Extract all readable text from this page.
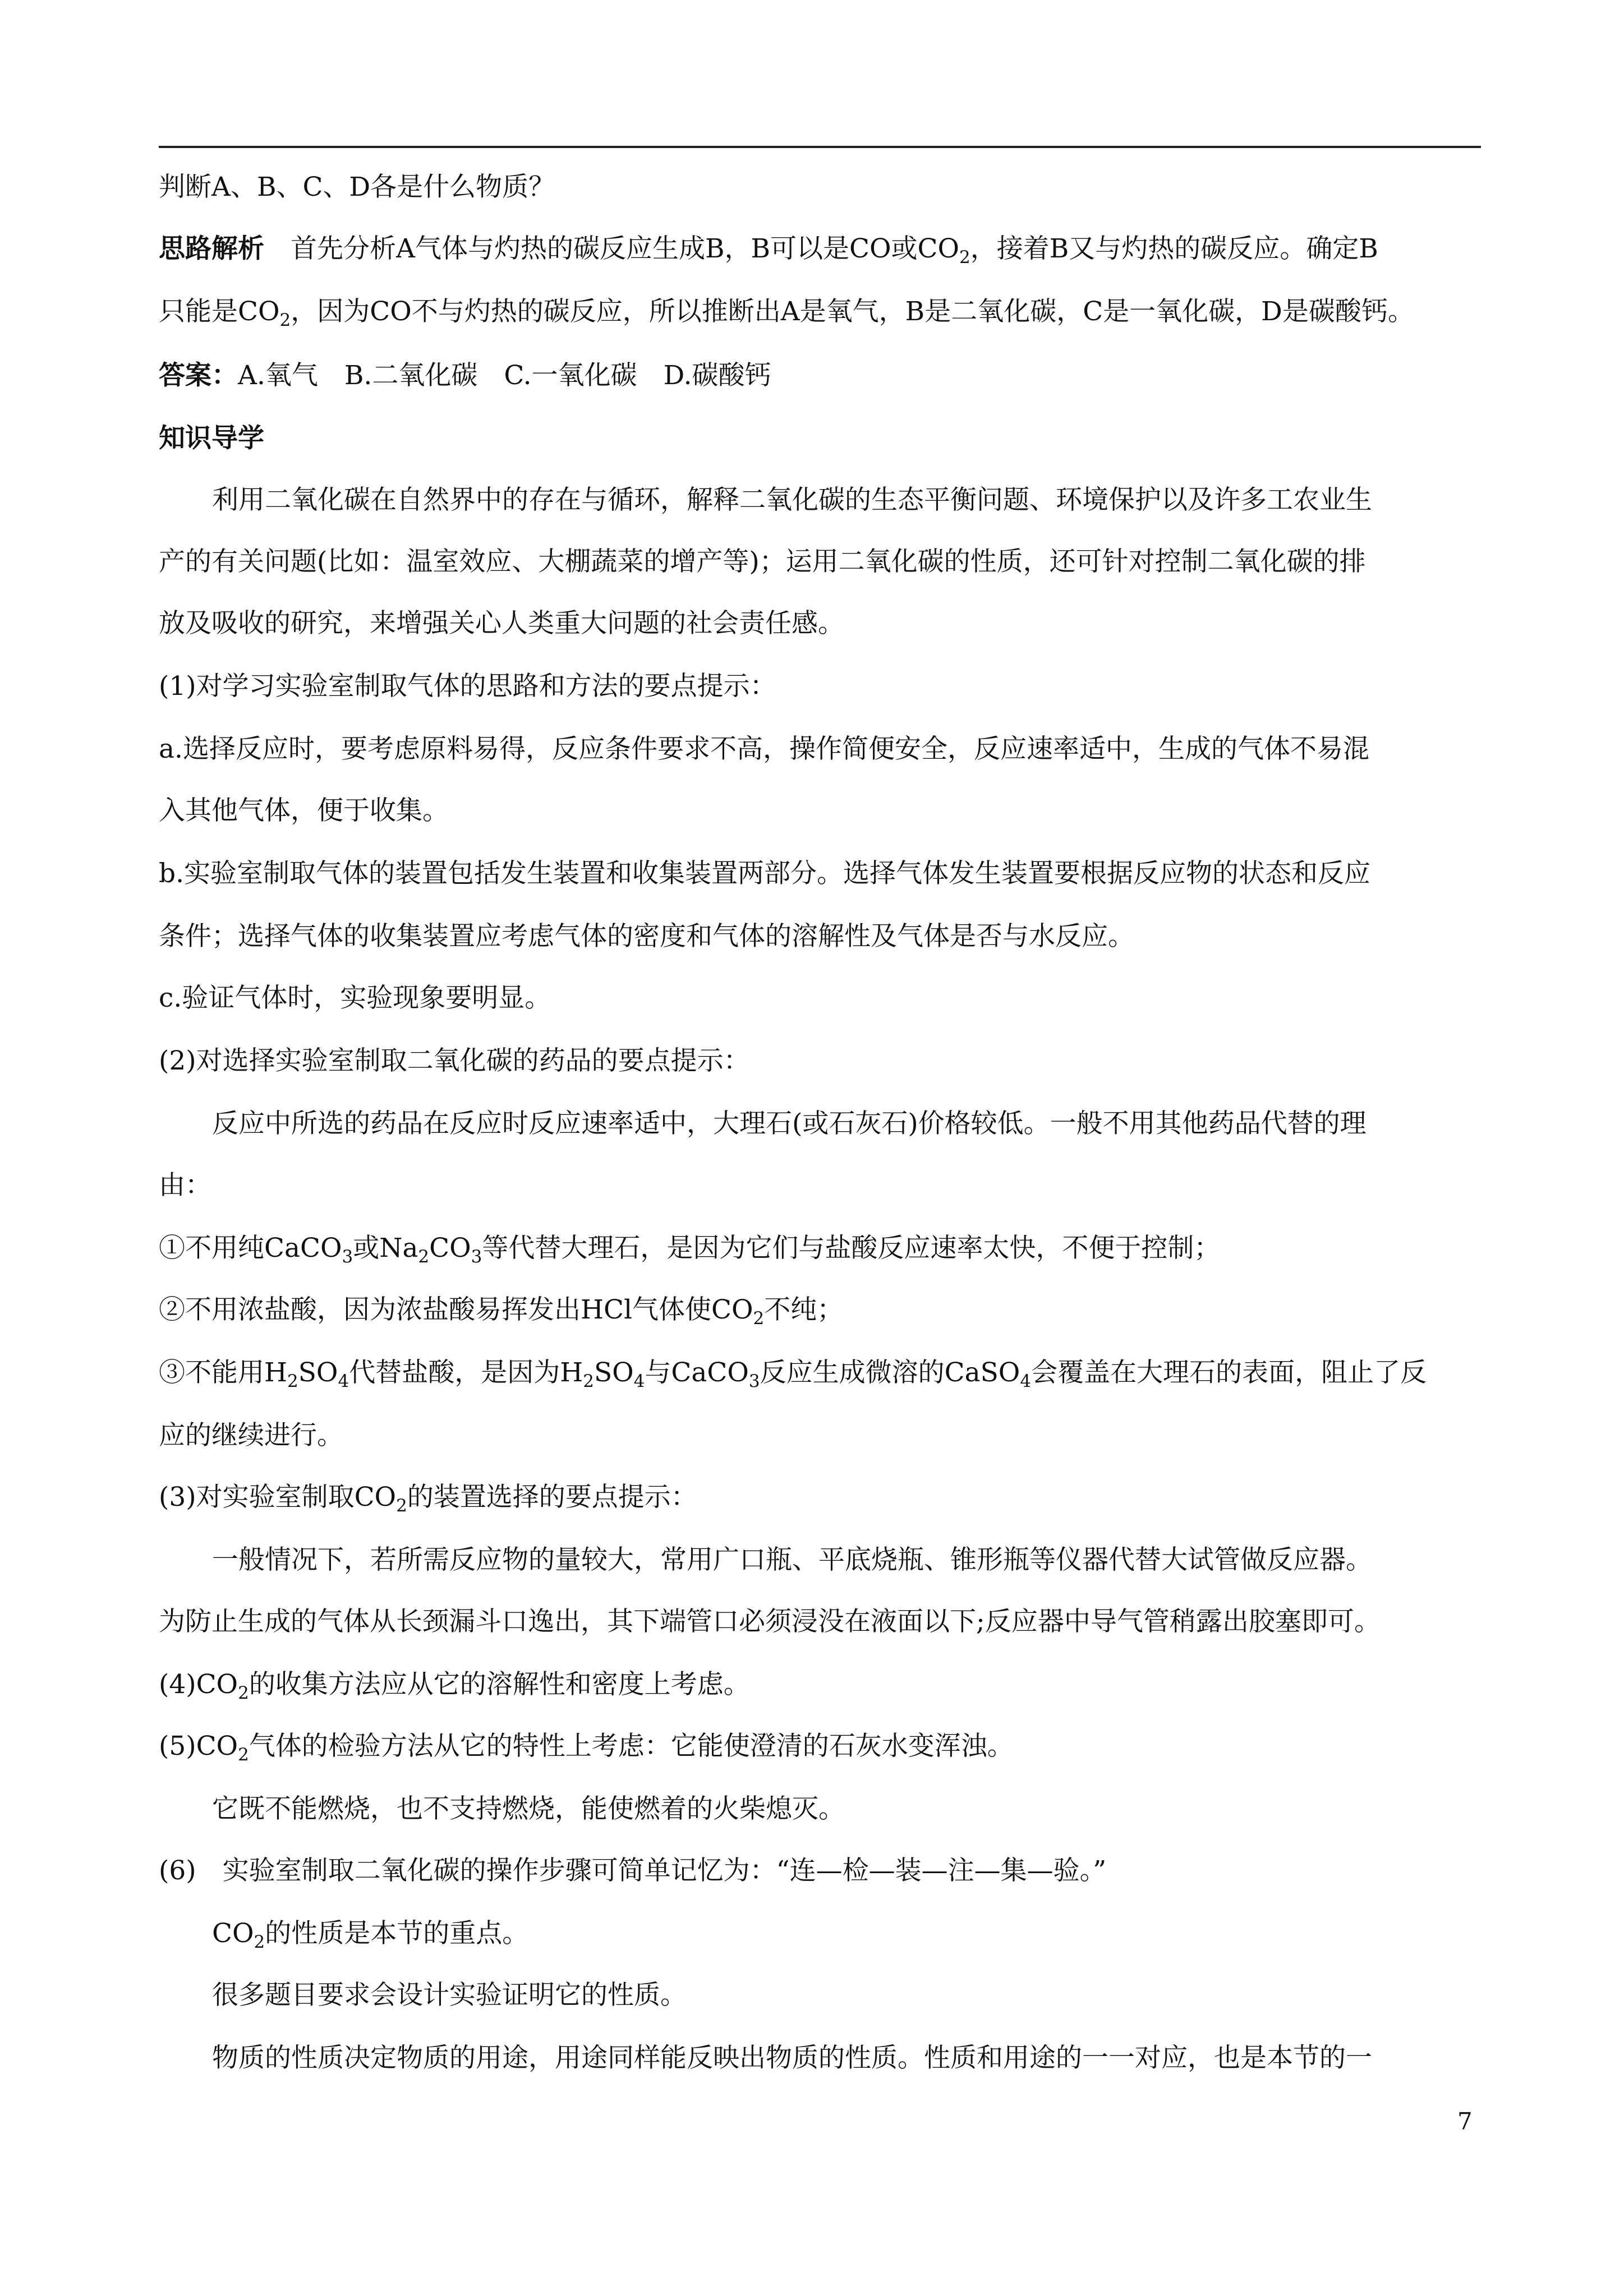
判断A、B、C、D各是什么物质？
思路解析　 首先分析A气体与灼热的碳反应生成B，B可以是CO或$CO_2$，接着B又与灼热的碳反应。确定B
只能是$CO_2$，因为CO不与灼热的碳反应，所以推断出A是氧气，B是二氧化碳，C是一氧化碳，D是碳酸钙。
答案：A.氧气　B.二氧化碳　C.一氧化碳　D.碳酸钙
知识导学
利用二氧化碳在自然界中的存在与循环，解释二氧化碳的生态平衡问题、环境保护以及许多工农业生
产的有关问题(比如：温室效应、大棚蔬菜的增产等)；运用二氧化碳的性质，还可针对控制二氧化碳的排
放及吸收的研究，来增强关心人类重大问题的社会责任感。
(1)对学习实验室制取气体的思路和方法的要点提示：
a.选择反应时，要考虑原料易得，反应条件要求不高，操作简便安全，反应速率适中，生成的气体不易混
入其他气体，便于收集。
b.实验室制取气体的装置包括发生装置和收集装置两部分。选择气体发生装置要根据反应物的状态和反应
条件；选择气体的收集装置应考虑气体的密度和气体的溶解性及气体是否与水反应。
c.验证气体时，实验现象要明显。
(2)对选择实验室制取二氧化碳的药品的要点提示：
反应中所选的药品在反应时反应速率适中，大理石(或石灰石)价格较低。一般不用其他药品代替的理
由：
①不用纯CaCO$_3$或$Na_2CO_3$等代替大理石，是因为它们与盐酸反应速率太快，不便于控制；
②不用浓盐酸，因为浓盐酸易挥发出HCl气体使$CO_2$不纯；
③不能用$H_2SO_4$代替盐酸，是因为$H_2SO_4$与CaCO$_3$反应生成微溶的CaSO$_4$会覆盖在大理石的表面，阻止了反
应的继续进行。
(3)对实验室制取$CO_2$的装置选择的要点提示：
一般情况下，若所需反应物的量较大，常用广口瓶、平底烧瓶、锥形瓶等仪器代替大试管做反应器。
为防止生成的气体从长颈漏斗口逸出，其下端管口必须浸没在液面以下;反应器中导气管稍露出胶塞即可。
$(4)CO_2$的收集方法应从它的溶解性和密度上考虑。
$(5)CO_2$气体的检验方法从它的特性上考虑：它能使澄清的石灰水变浑浊。
它既不能燃烧，也不支持燃烧，能使燃着的火柴熄灭。
(6)　实验室制取二氧化碳的操作步骤可简单记忆为：“连—检—装—注—集—验。”
$CO_2$的性质是本节的重点。
很多题目要求会设计实验证明它的性质。
物质的性质决定物质的用途，用途同样能反映出物质的性质。性质和用途的一一对应，也是本节的一
7
